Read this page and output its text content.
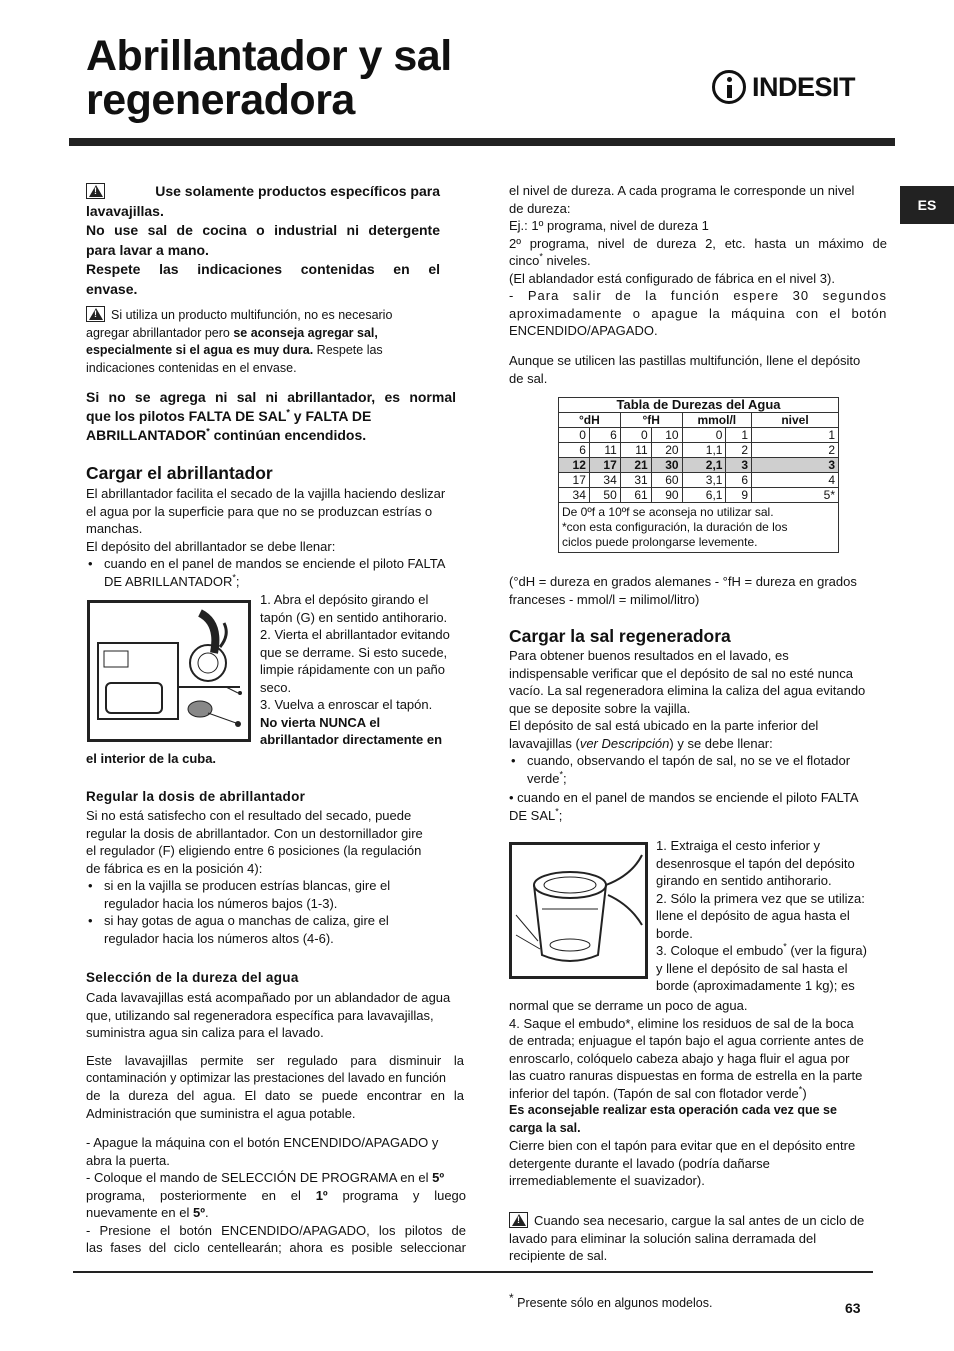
Abrillantador y sal
regeneradora	INDESIT
ES
!
Use solamente productos específicos para
lavavajillas.
No use sal de cocina o industrial ni detergente
para lavar a mano.
Respete las indicaciones contenidas en el
envase.
!Si utiliza un producto multifunción, no es necesario
agregar abrillantador pero se aconseja agregar sal,
especialmente si el agua es muy dura. Respete las
indicaciones contenidas en el envase.
Si no se agrega ni sal ni abrillantador, es normal
que los pilotos FALTA DE SAL* y FALTA DE
ABRILLANTADOR* continúan encendidos.
Cargar el abrillantador

El abrillantador facilita el secado de la vajilla haciendo deslizar

el agua por la superficie para que no se produzcan estrías o

manchas.

El depósito del abrillantador se debe llenar:

• cuando en el panel de mandos se enciende el piloto FALTA
DE ABRILLANTADOR*;

1. Abra el depósito girando el

tapón (G) en sentido antihorario.

2. Vierta el abrillantador evitando

que se derrame. Si esto sucede,

limpie rápidamente con un paño

seco.

3. Vuelva a enroscar el tapón.

No vierta NUNCA el

abrillantador directamente en

el interior de la cuba.
Regular la dosis de abrillantador

Si no está satisfecho con el resultado del secado, puede

regular la dosis de abrillantador. Con un destornillador gire

el regulador (F) eligiendo entre 6 posiciones (la regulación

de fábrica es en la posición 4):

• si en la vajilla se producen estrías blancas, gire el
regulador hacia los números bajos (1-3).
• si hay gotas de agua o manchas de caliza, gire el
regulador hacia los números altos (4-6).
Selección de la dureza del agua

Cada lavavajillas está acompañado por un ablandador de agua

que, utilizando sal regeneradora específica para lavavajillas,

suministra agua sin caliza para el lavado.

Este lavavajillas permite ser regulado para disminuir la

contaminación y optimizar las prestaciones del lavado en función

de la dureza del agua. El dato se puede encontrar en la

Administración que suministra el agua potable.

- Apague la máquina con el botón ENCENDIDO/APAGADO y

abra la puerta.

- Coloque el mando de SELECCIÓN DE PROGRAMA en el 5º

programa, posteriormente en el 1º programa y luego

nuevamente en el 5º.

- Presione el botón ENCENDIDO/APAGADO, los pilotos de

las fases del ciclo centellearán; ahora es posible seleccionar

el nivel de dureza. A cada programa le corresponde un nivel

de dureza:

Ej.: 1º programa, nivel de dureza 1

2º programa, nivel de dureza 2, etc. hasta un máximo de

cinco* niveles.

(El ablandador está configurado de fábrica en el nivel 3).

- Para salir de la función espere 30 segundos

aproximadamente o apague la máquina con el botón

ENCENDIDO/APAGADO.

Aunque se utilicen las pastillas multifunción, llene el depósito

de sal.

Tabla de Durezas del Agua						
°dH		°fH		mmol/l		nivel
0	6	0	10	0	1	1
6	11	11	20	1,1	2	2
12	17	21	30	2,1	3	3
17	34	31	60	3,1	6	4
34	50	61	90	6,1	9	5*

De 0ºf a 10ºf se aconseja no utilizar sal.
*con esta configuración, la duración de los
ciclos puede prolongarse levemente.						

(°dH = dureza en grados alemanes - °fH = dureza en grados

franceses - mmol/l = milimol/litro)

Cargar la sal regeneradora

Para obtener buenos resultados en el lavado, es

indispensable verificar que el depósito de sal no esté nunca

vacío. La sal regeneradora elimina la caliza del agua evitando

que se deposite sobre la vajilla.

El depósito de sal está ubicado en la parte inferior del

lavavajillas (ver Descripción) y se debe llenar:

• cuando, observando el tapón de sal, no se ve el flotador
verde*;
• cuando en el panel de mandos se enciende el piloto FALTA
DE SAL*;

1. Extraiga el cesto inferior y

desenrosque el tapón del depósito

girando en sentido antihorario.

2. Sólo la primera vez que se utiliza:

llene el depósito de agua hasta el

borde.

3. Coloque el embudo* (ver la figura)

y llene el depósito de sal hasta el

borde (aproximadamente 1 kg); es

normal que se derrame un poco de agua.

4. Saque el embudo*, elimine los residuos de sal de la boca

de entrada; enjuague el tapón bajo el agua corriente antes de

enroscarlo, colóquelo cabeza abajo y haga fluir el agua por

las cuatro ranuras dispuestas en forma de estrella en la parte

inferior del tapón. (Tapón de sal con flotador verde*)

Es aconsejable realizar esta operación cada vez que se

carga la sal.

Cierre bien con el tapón para evitar que en el depósito entre

detergente durante el lavado (podría dañarse

irremediablemente el suavizador).

!Cuando sea necesario, cargue la sal antes de un ciclo de

lavado para eliminar la solución salina derramada del

recipiente de sal.

* Presente sólo en algunos modelos.	63
